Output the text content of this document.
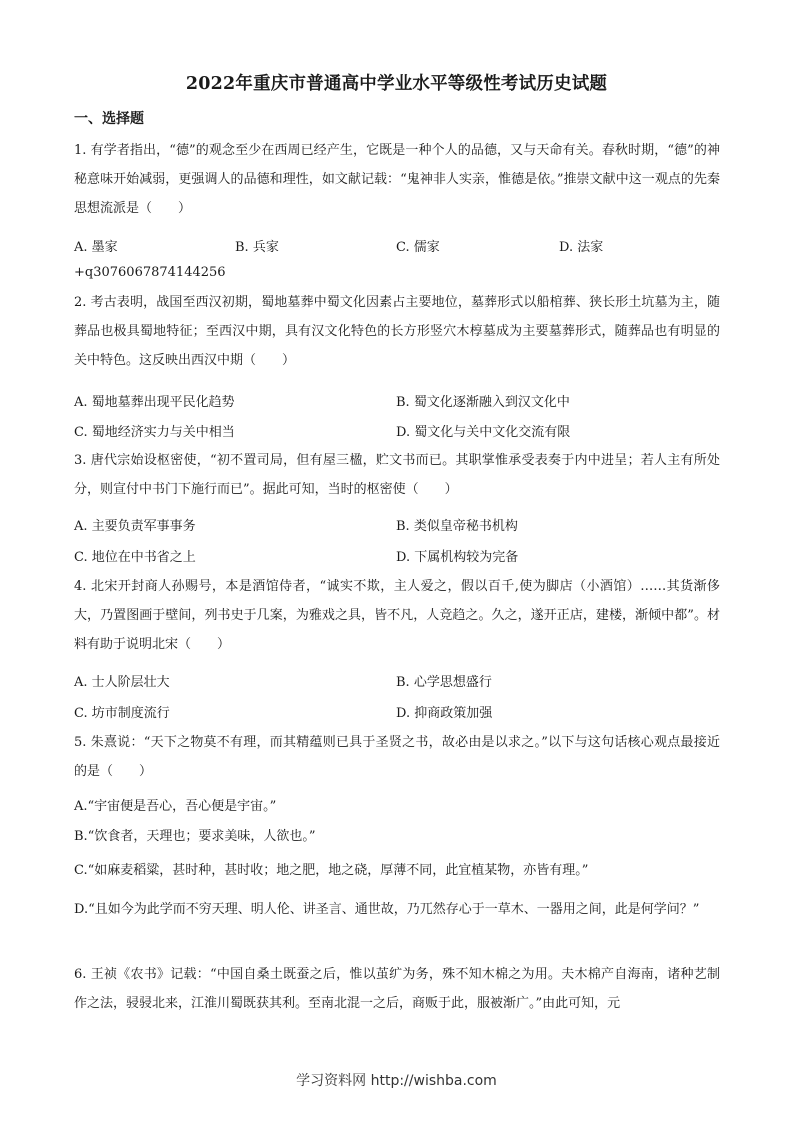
2022年重庆市普通高中学业水平等级性考试历史试题
一、选择题
1. 有学者指出，“德”的观念至少在西周已经产生，它既是一种个人的品德，又与天命有关。春秋时期，“德”的神秘意味开始减弱，更强调人的品德和理性，如文献记载：“鬼神非人实亲，惟德是依。”推崇文献中这一观点的先秦思想流派是（　　）
A. 墨家	B. 兵家	C. 儒家	D. 法家
+q3076067874144256
2. 考古表明，战国至西汉初期，蜀地墓葬中蜀文化因素占主要地位，墓葬形式以船棺葬、狭长形土坑墓为主，随葬品也极具蜀地特征；至西汉中期，具有汉文化特色的长方形竖穴木椁墓成为主要墓葬形式，随葬品也有明显的关中特色。这反映出西汉中期（　　）
A. 蜀地墓葬出现平民化趋势	B. 蜀文化逐渐融入到汉文化中
C. 蜀地经济实力与关中相当	D. 蜀文化与关中文化交流有限
3. 唐代宗始设枢密使，“初不置司局，但有屋三楹，贮文书而已。其职掌惟承受表奏于内中进呈；若人主有所处分，则宣付中书门下施行而已”。据此可知，当时的枢密使（　　）
A. 主要负责军事事务	B. 类似皇帝秘书机构
C. 地位在中书省之上	D. 下属机构较为完备
4. 北宋开封商人孙赐号，本是酒馆侍者，“诚实不欺，主人爱之，假以百千,使为脚店（小酒馆）……其货渐侈大，乃置图画于壁间，列书史于几案，为雅戏之具，皆不凡，人竞趋之。久之，遂开正店，建楼，渐倾中都”。材料有助于说明北宋（　　）
A. 士人阶层壮大	B. 心学思想盛行
C. 坊市制度流行	D. 抑商政策加强
5. 朱熹说：“天下之物莫不有理，而其精蕴则已具于圣贤之书，故必由是以求之。”以下与这句话核心观点最接近的是（　　）
A.“宇宙便是吾心，吾心便是宇宙。”
B.“饮食者，天理也；要求美味，人欲也。”
C.“如麻麦稻粱，甚时种，甚时收；地之肥，地之硗，厚薄不同，此宜植某物，亦皆有理。”
D.“且如今为此学而不穷天理、明人伦、讲圣言、通世故，乃兀然存心于一草木、一器用之间，此是何学问？”
6. 王祯《农书》记载：“中国自桑土既蚕之后，惟以茧纩为务，殊不知木棉之为用。夫木棉产自海南，诸种艺制作之法，骎骎北来，江淮川蜀既获其利。至南北混一之后，商贩于此，服被渐广。”由此可知，元
学习资料网 http://wishba.com
